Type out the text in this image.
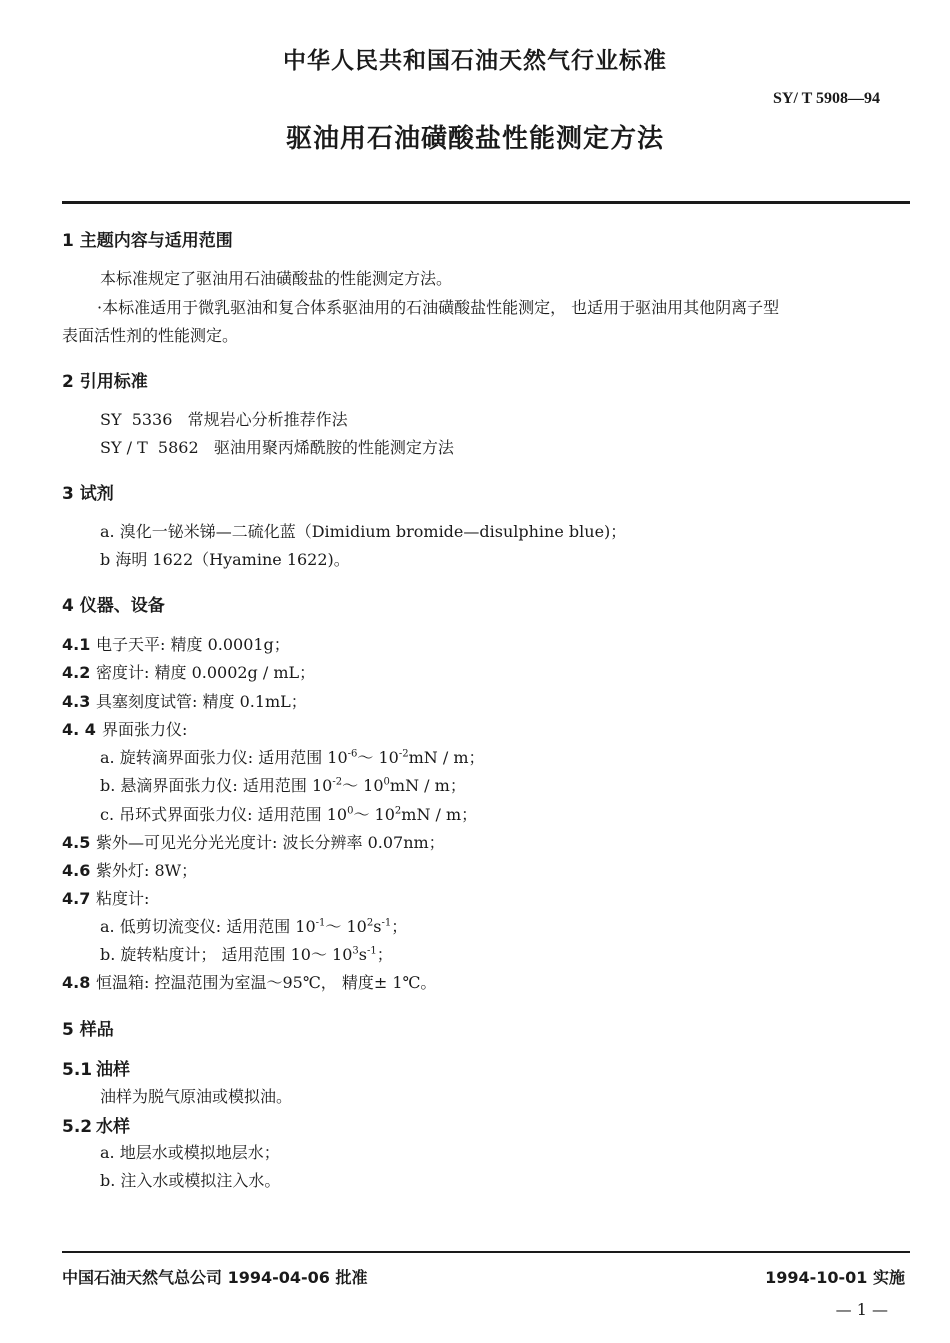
中华人民共和国石油天然气行业标准
SY/ T 5908—94
驱油用石油磺酸盐性能测定方法
1 主题内容与适用范围
本标准规定了驱油用石油磺酸盐的性能测定方法。
·本标准适用于微乳驱油和复合体系驱油用的石油磺酸盐性能测定， 也适用于驱油用其他阴离子型
表面活性剂的性能测定。
2 引用标准
SY  5336   常规岩心分析推荐作法
SY / T  5862   驱油用聚丙烯酰胺的性能测定方法
3 试剂
a. 溴化一铋米锑—二硫化蓝（Dimidium bromide—disulphine blue)；
b 海明 1622（Hyamine 1622)。
4 仪器、设备
4.1 电子天平: 精度 0.0001g；
4.2 密度计: 精度 0.0002g / mL；
4.3 具塞刻度试管: 精度 0.1mL；
4. 4 界面张力仪:
a. 旋转滴界面张力仪: 适用范围 $10^{-6}\sim$ $10^{-2}mN$ / m；
b. 悬滴界面张力仪: 适用范围 $10^{-2}\sim$ $10^0mN$ / m；
c. 吊环式界面张力仪: 适用范围 $10^0\sim$ $10^2mN$ / m；
4.5 紫外—可见光分光光度计: 波长分辨率 0.07nm；
4.6 紫外灯: 8W；
4.7 粘度计:
a. 低剪切流变仪: 适用范围 $10^{-1}\sim$ $10^2s^{-1}$；
b. 旋转粘度计； 适用范围 10～ $10^3s^{-1}$；
4.8 恒温箱: 控温范围为室温～95℃， 精度± 1℃。
5 样品
5.1 油样
油样为脱气原油或模拟油。
5.2 水样
a. 地层水或模拟地层水；
b. 注入水或模拟注入水。
中国石油天然气总公司 1994-04-06 批准	1994-10-01 实施
— 1 —
